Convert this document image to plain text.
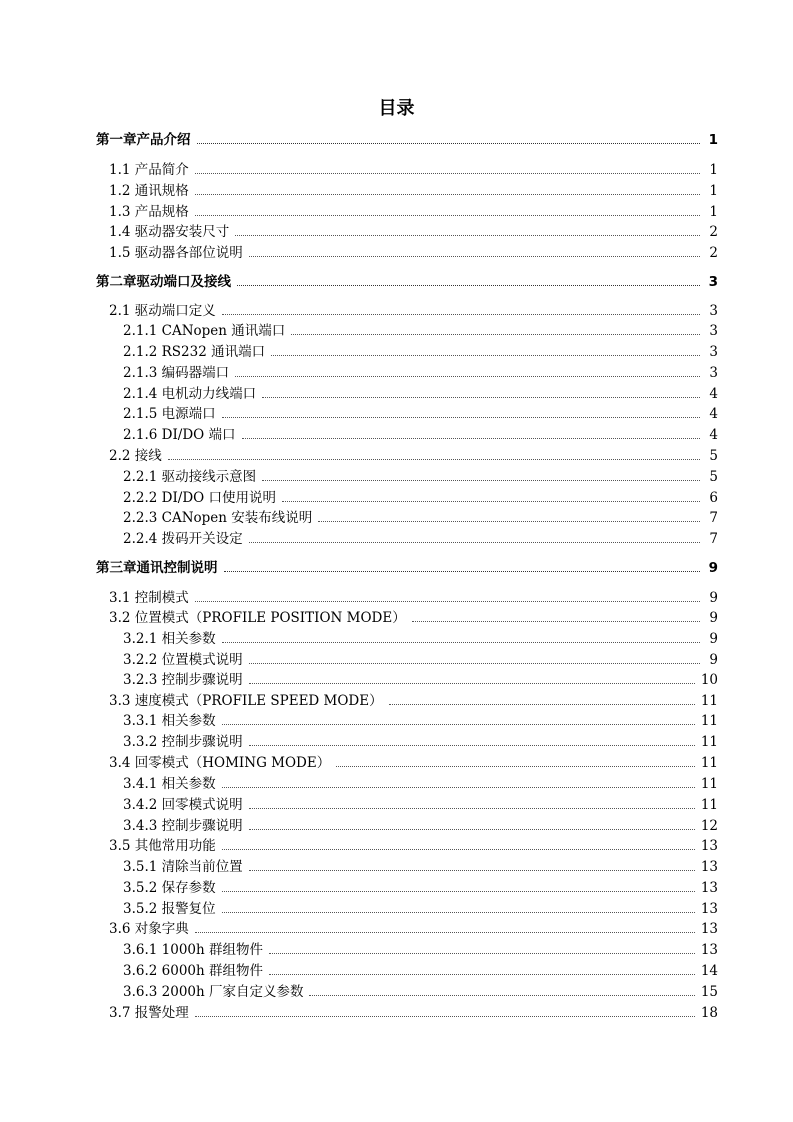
目录
第一章产品介绍	1
1.1 产品简介	1
1.2 通讯规格	1
1.3 产品规格	1
1.4 驱动器安装尺寸	2
1.5 驱动器各部位说明	2
第二章驱动端口及接线	3
2.1 驱动端口定义	3
2.1.1 CANopen 通讯端口	3
2.1.2 RS232 通讯端口	3
2.1.3 编码器端口	3
2.1.4 电机动力线端口	4
2.1.5 电源端口	4
2.1.6 DI/DO 端口	4
2.2 接线	5
2.2.1 驱动接线示意图	5
2.2.2 DI/DO 口使用说明	6
2.2.3 CANopen 安装布线说明	7
2.2.4 拨码开关设定	7
第三章通讯控制说明	9
3.1 控制模式	9
3.2 位置模式（PROFILE POSITION MODE）	9
3.2.1 相关参数	9
3.2.2 位置模式说明	9
3.2.3 控制步骤说明	10
3.3 速度模式（PROFILE SPEED MODE）	11
3.3.1 相关参数	11
3.3.2 控制步骤说明	11
3.4 回零模式（HOMING MODE）	11
3.4.1 相关参数	11
3.4.2 回零模式说明	11
3.4.3 控制步骤说明	12
3.5 其他常用功能	13
3.5.1 清除当前位置	13
3.5.2 保存参数	13
3.5.2 报警复位	13
3.6 对象字典	13
3.6.1 1000h 群组物件	13
3.6.2 6000h 群组物件	14
3.6.3 2000h 厂家自定义参数	15
3.7 报警处理	18
